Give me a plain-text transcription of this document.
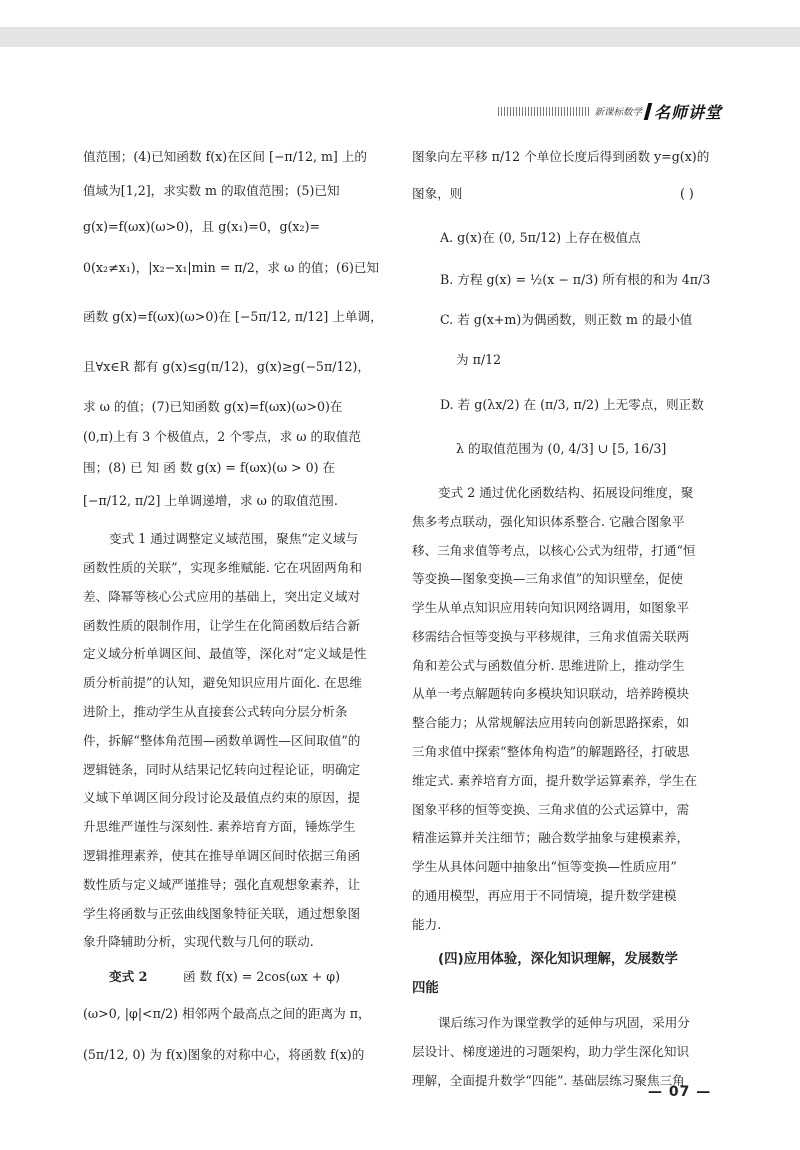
新课标数学 名师讲堂
值范围；(4)已知函数 f(x)在区间 [−π/12, m] 上的
值域为[1,2]，求实数 m 的取值范围；(5)已知
g(x)=f(ωx)(ω>0)，且 g(x₁)=0，g(x₂)=
0(x₂≠x₁)，|x₂−x₁|min = π/2，求 ω 的值；(6)已知
函数 g(x)=f(ωx)(ω>0)在 [−5π/12, π/12] 上单调，
且∀x∈R 都有 g(x)≤g(π/12)，g(x)≥g(−5π/12)，
求 ω 的值；(7)已知函数 g(x)=f(ωx)(ω>0)在
(0,π)上有 3 个极值点，2 个零点，求 ω 的取值范
围；(8) 已 知 函 数 g(x) = f(ωx)(ω > 0) 在
[−π/12, π/2] 上单调递增，求 ω 的取值范围.
变式 1 通过调整定义域范围，聚焦“定义域与
函数性质的关联”，实现多维赋能. 它在巩固两角和
差、降幂等核心公式应用的基础上，突出定义域对
函数性质的限制作用，让学生在化简函数后结合新
定义域分析单调区间、最值等，深化对“定义域是性
质分析前提”的认知，避免知识应用片面化. 在思维
进阶上，推动学生从直接套公式转向分层分析条
件，拆解“整体角范围—函数单调性—区间取值”的
逻辑链条，同时从结果记忆转向过程论证，明确定
义域下单调区间分段讨论及最值点约束的原因，提
升思维严谨性与深刻性. 素养培育方面，锤炼学生
逻辑推理素养，使其在推导单调区间时依据三角函
数性质与定义域严谨推导；强化直观想象素养，让
学生将函数与正弦曲线图象特征关联，通过想象图
象升降辅助分析，实现代数与几何的联动.
变式 2	函 数 f(x) = 2cos(ωx + φ)
(ω>0, |φ|<π/2) 相邻两个最高点之间的距离为 π，
(5π/12, 0) 为 f(x)图象的对称中心，将函数 f(x)的
图象向左平移 π/12 个单位长度后得到函数 y=g(x)的
图象，则	( )
A. g(x)在 (0, 5π/12) 上存在极值点
B. 方程 g(x) = ½(x − π/3) 所有根的和为 4π/3
C. 若 g(x+m)为偶函数，则正数 m 的最小值
为 π/12
D. 若 g(λx/2) 在 (π/3, π/2) 上无零点，则正数
λ 的取值范围为 (0, 4/3] ∪ [5, 16/3]
变式 2 通过优化函数结构、拓展设问维度，聚
焦多考点联动，强化知识体系整合. 它融合图象平
移、三角求值等考点，以核心公式为纽带，打通“恒
等变换—图象变换—三角求值”的知识壁垒，促使
学生从单点知识应用转向知识网络调用，如图象平
移需结合恒等变换与平移规律，三角求值需关联两
角和差公式与函数值分析. 思维进阶上，推动学生
从单一考点解题转向多模块知识联动，培养跨模块
整合能力；从常规解法应用转向创新思路探索，如
三角求值中探索“整体角构造”的解题路径，打破思
维定式. 素养培育方面，提升数学运算素养，学生在
图象平移的恒等变换、三角求值的公式运算中，需
精准运算并关注细节；融合数学抽象与建模素养，
学生从具体问题中抽象出“恒等变换—性质应用”
的通用模型，再应用于不同情境，提升数学建模
能力.
(四)应用体验，深化知识理解，发展数学
四能
课后练习作为课堂教学的延伸与巩固，采用分
层设计、梯度递进的习题架构，助力学生深化知识
理解，全面提升数学“四能”. 基础层练习聚焦三角
— 07 —
